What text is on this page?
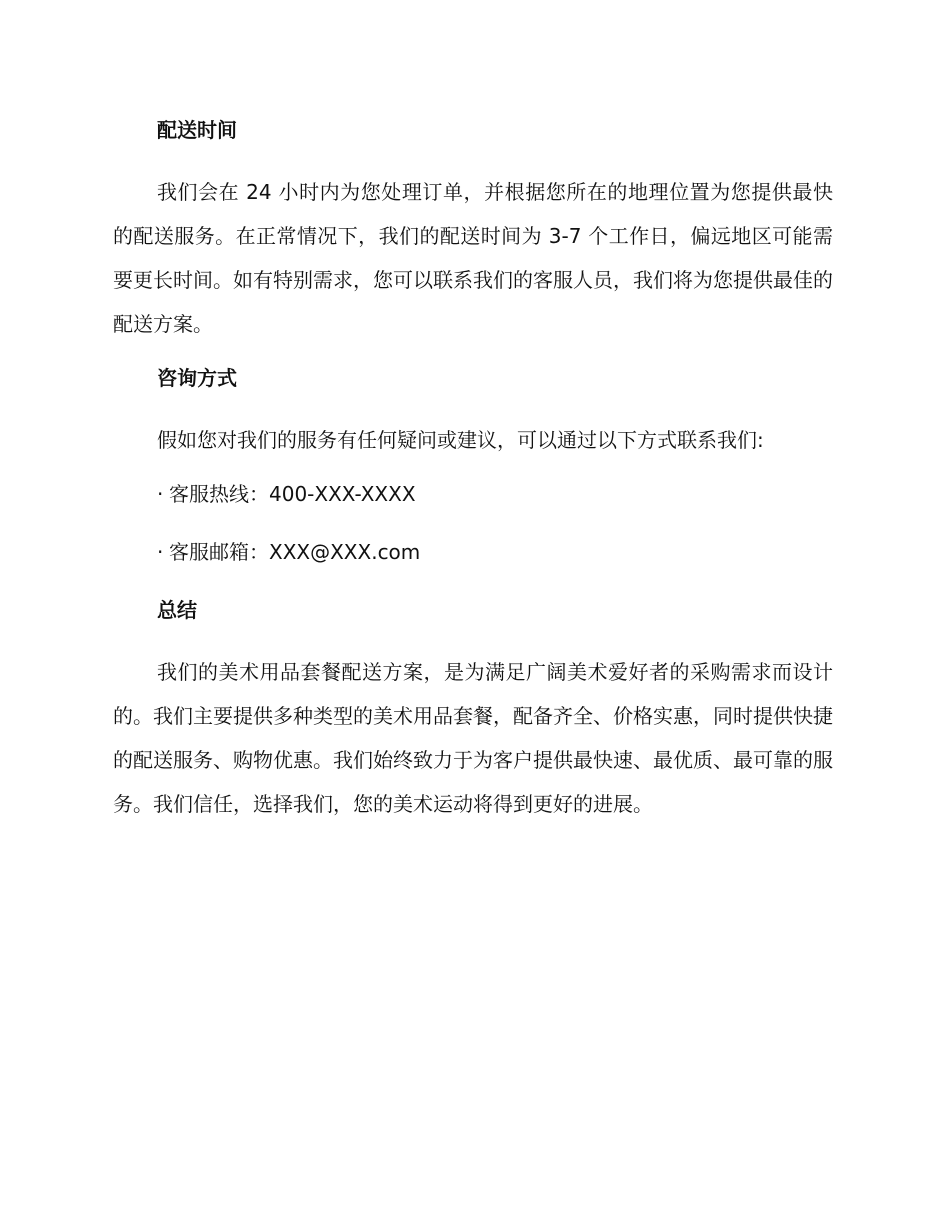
配送时间

我们会在 24 小时内为您处理订单，并根据您所在的地理位置为您提供最快的配送服务。在正常情况下，我们的配送时间为 3-7 个工作日，偏远地区可能需要更长时间。如有特别需求，您可以联系我们的客服人员，我们将为您提供最佳的配送方案。

咨询方式

假如您对我们的服务有任何疑问或建议，可以通过以下方式联系我们:

· 客服热线：400-XXX-XXXX
· 客服邮箱：XXX@XXX.com
总结

我们的美术用品套餐配送方案，是为满足广阔美术爱好者的采购需求而设计的。我们主要提供多种类型的美术用品套餐，配备齐全、价格实惠，同时提供快捷的配送服务、购物优惠。我们始终致力于为客户提供最快速、最优质、最可靠的服务。我们信任，选择我们，您的美术运动将得到更好的进展。
